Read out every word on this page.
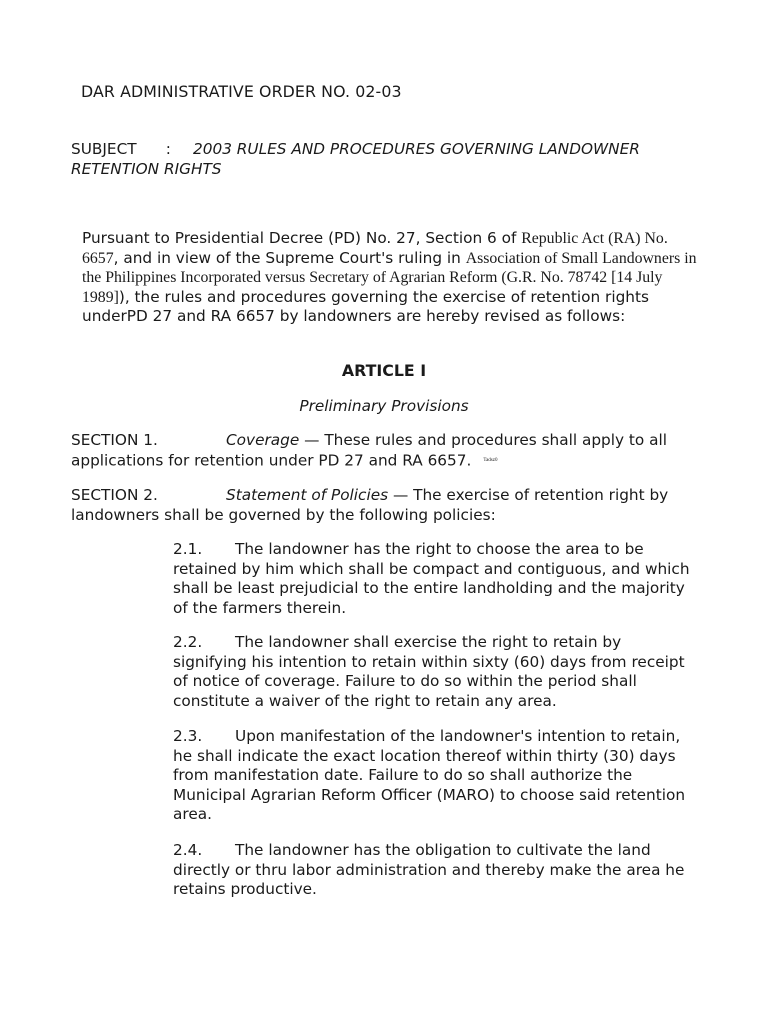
DAR ADMINISTRATIVE ORDER NO. 02-03
SUBJECT : 2003 RULES AND PROCEDURES GOVERNING LANDOWNER RETENTION RIGHTS
Pursuant to Presidential Decree (PD) No. 27, Section 6 of Republic Act (RA) No. 6657, and in view of the Supreme Court's ruling in Association of Small Landowners in the Philippines Incorporated versus Secretary of Agrarian Reform (G.R. No. 78742 [14 July 1989]), the rules and procedures governing the exercise of retention rights underPD 27 and RA 6657 by landowners are hereby revised as follows:
ARTICLE I
Preliminary Provisions
SECTION 1.	Coverage — These rules and procedures shall apply to all applications for retention under PD 27 and RA 6657. Tadsz0
SECTION 2.	Statement of Policies — The exercise of retention right by landowners shall be governed by the following policies:
2.1. The landowner has the right to choose the area to be retained by him which shall be compact and contiguous, and which shall be least prejudicial to the entire landholding and the majority of the farmers therein.
2.2. The landowner shall exercise the right to retain by signifying his intention to retain within sixty (60) days from receipt of notice of coverage. Failure to do so within the period shall constitute a waiver of the right to retain any area.
2.3. Upon manifestation of the landowner's intention to retain, he shall indicate the exact location thereof within thirty (30) days from manifestation date. Failure to do so shall authorize the Municipal Agrarian Reform Officer (MARO) to choose said retention area.
2.4. The landowner has the obligation to cultivate the land directly or thru labor administration and thereby make the area he retains productive.
